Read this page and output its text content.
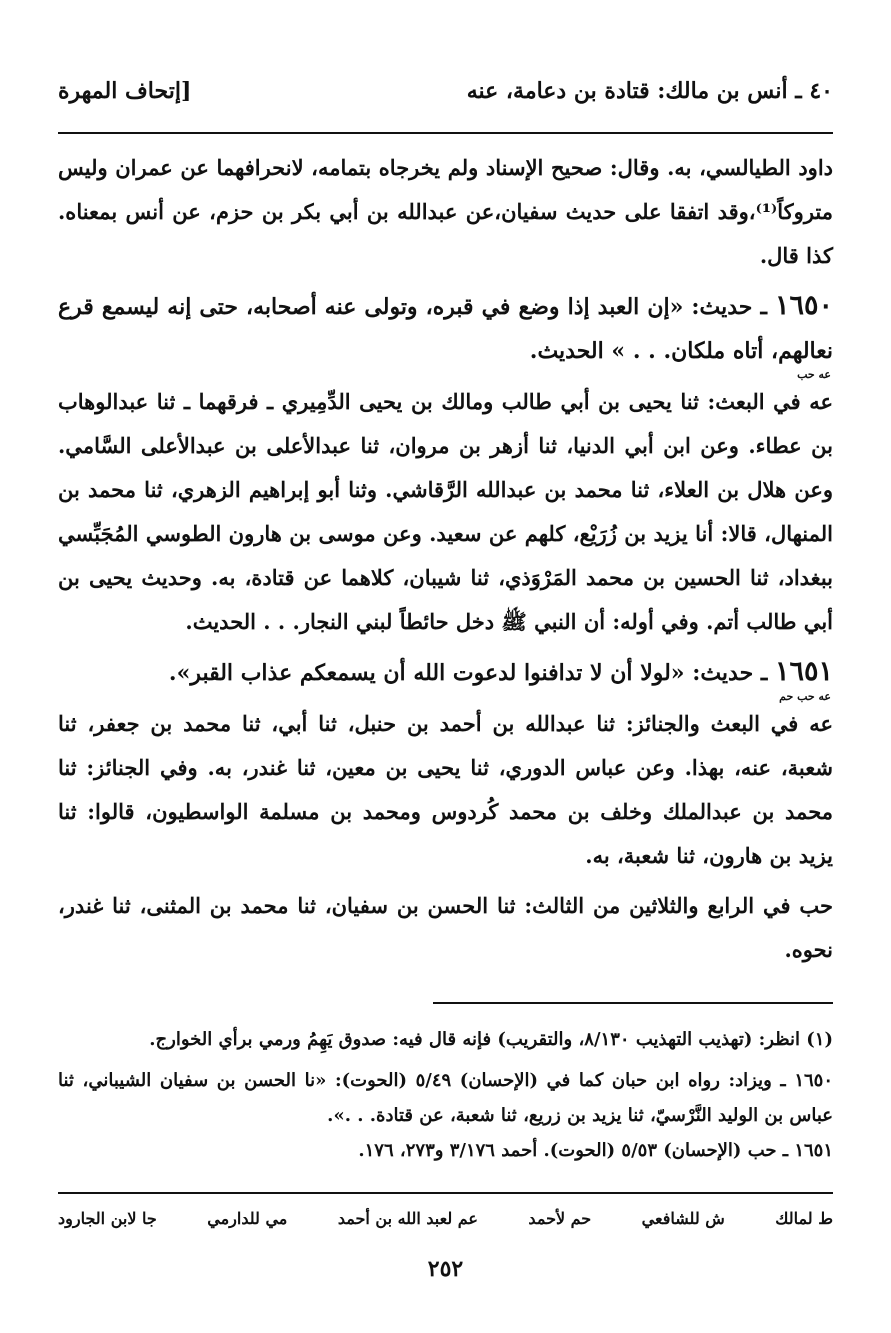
٤٠ ـ أنس بن مالك: قتادة بن دعامة، عنه
[إتحاف المهرة

داود الطيالسي، به. وقال: صحيح الإسناد ولم يخرجاه بتمامه، لانحرافهما عن عمران وليس متروكاً⁽¹⁾،وقد اتفقا على حديث سفيان،عن عبدالله بن أبي بكر بن حزم، عن أنس بمعناه. كذا قال.

١٦٥٠ ـ حديث: «إن العبد إذا وضع في قبره، وتولى عنه أصحابه، حتى إنه ليسمع قرع نعالهم، أتاه ملكان. . . » الحديث.

عه حب

عه في البعث: ثنا يحيى بن أبي طالب ومالك بن يحيى الدِّمِيري ـ فرقهما ـ ثنا عبدالوهاب بن عطاء. وعن ابن أبي الدنيا، ثنا أزهر بن مروان، ثنا عبدالأعلى بن عبدالأعلى السَّامي. وعن هلال بن العلاء، ثنا محمد بن عبدالله الرَّقاشي. وثنا أبو إبراهيم الزهري، ثنا محمد بن المنهال، قالا: أنا يزيد بن زُرَيْع، كلهم عن سعيد. وعن موسى بن هارون الطوسي المُجَبِّسي ببغداد، ثنا الحسين بن محمد المَرْوَذي، ثنا شيبان، كلاهما عن قتادة، به. وحديث يحيى بن أبي طالب أتم. وفي أوله: أن النبي ﷺ دخل حائطاً لبني النجار. . . الحديث.

١٦٥١ ـ حديث: «لولا أن لا تدافنوا لدعوت الله أن يسمعكم عذاب القبر».

عه حب حم

عه في البعث والجنائز: ثنا عبدالله بن أحمد بن حنبل، ثنا أبي، ثنا محمد بن جعفر، ثنا شعبة، عنه، بهذا. وعن عباس الدوري، ثنا يحيى بن معين، ثنا غندر، به. وفي الجنائز: ثنا محمد بن عبدالملك وخلف بن محمد كُردوس ومحمد بن مسلمة الواسطيون، قالوا: ثنا يزيد بن هارون، ثنا شعبة، به.

حب في الرابع والثلاثين من الثالث: ثنا الحسن بن سفيان، ثنا محمد بن المثنى، ثنا غندر، نحوه.

(١) انظر: (تهذيب التهذيب ٨/١٣٠، والتقريب) فإنه قال فيه: صدوق يَهِمُ ورمي برأي الخوارج.

١٦٥٠ ـ ويزاد: رواه ابن حبان كما في (الإحسان) ٥/٤٩ (الحوت): «نا الحسن بن سفيان الشيباني، ثنا عباس بن الوليد النَّرْسيّ، ثنا يزيد بن زريع، ثنا شعبة، عن قتادة. . .».

١٦٥١ ـ حب (الإحسان) ٥/٥٣ (الحوت). أحمد ٣/١٧٦ و٢٧٣، ١٧٦.

ط لمالك
ش للشافعي
حم لأحمد
عم لعبد الله بن أحمد
مي للدارمي
جا لابن الجارود
٢٥٢
